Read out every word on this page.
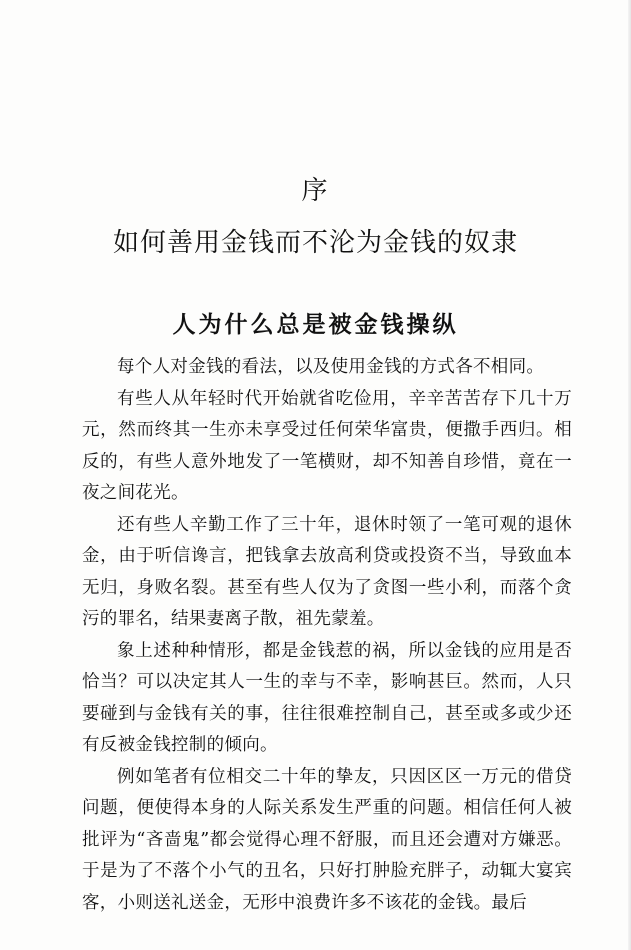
序
如何善用金钱而不沦为金钱的奴隶
人为什么总是被金钱操纵

每个人对金钱的看法，以及使用金钱的方式各不相同。

有些人从年轻时代开始就省吃俭用，辛辛苦苦存下几十万元，然而终其一生亦未享受过任何荣华富贵，便撒手西归。相反的，有些人意外地发了一笔横财，却不知善自珍惜，竟在一夜之间花光。

还有些人辛勤工作了三十年，退休时领了一笔可观的退休金，由于听信谗言，把钱拿去放高利贷或投资不当，导致血本无归，身败名裂。甚至有些人仅为了贪图一些小利，而落个贪污的罪名，结果妻离子散，祖先蒙羞。

象上述种种情形，都是金钱惹的祸，所以金钱的应用是否恰当？可以决定其人一生的幸与不幸，影响甚巨。然而，人只要碰到与金钱有关的事，往往很难控制自己，甚至或多或少还有反被金钱控制的倾向。

例如笔者有位相交二十年的挚友，只因区区一万元的借贷问题，便使得本身的人际关系发生严重的问题。相信任何人被批评为“吝啬鬼”都会觉得心理不舒服，而且还会遭对方嫌恶。于是为了不落个小气的丑名，只好打肿脸充胖子，动辄大宴宾客，小则送礼送金，无形中浪费许多不该花的金钱。最后
